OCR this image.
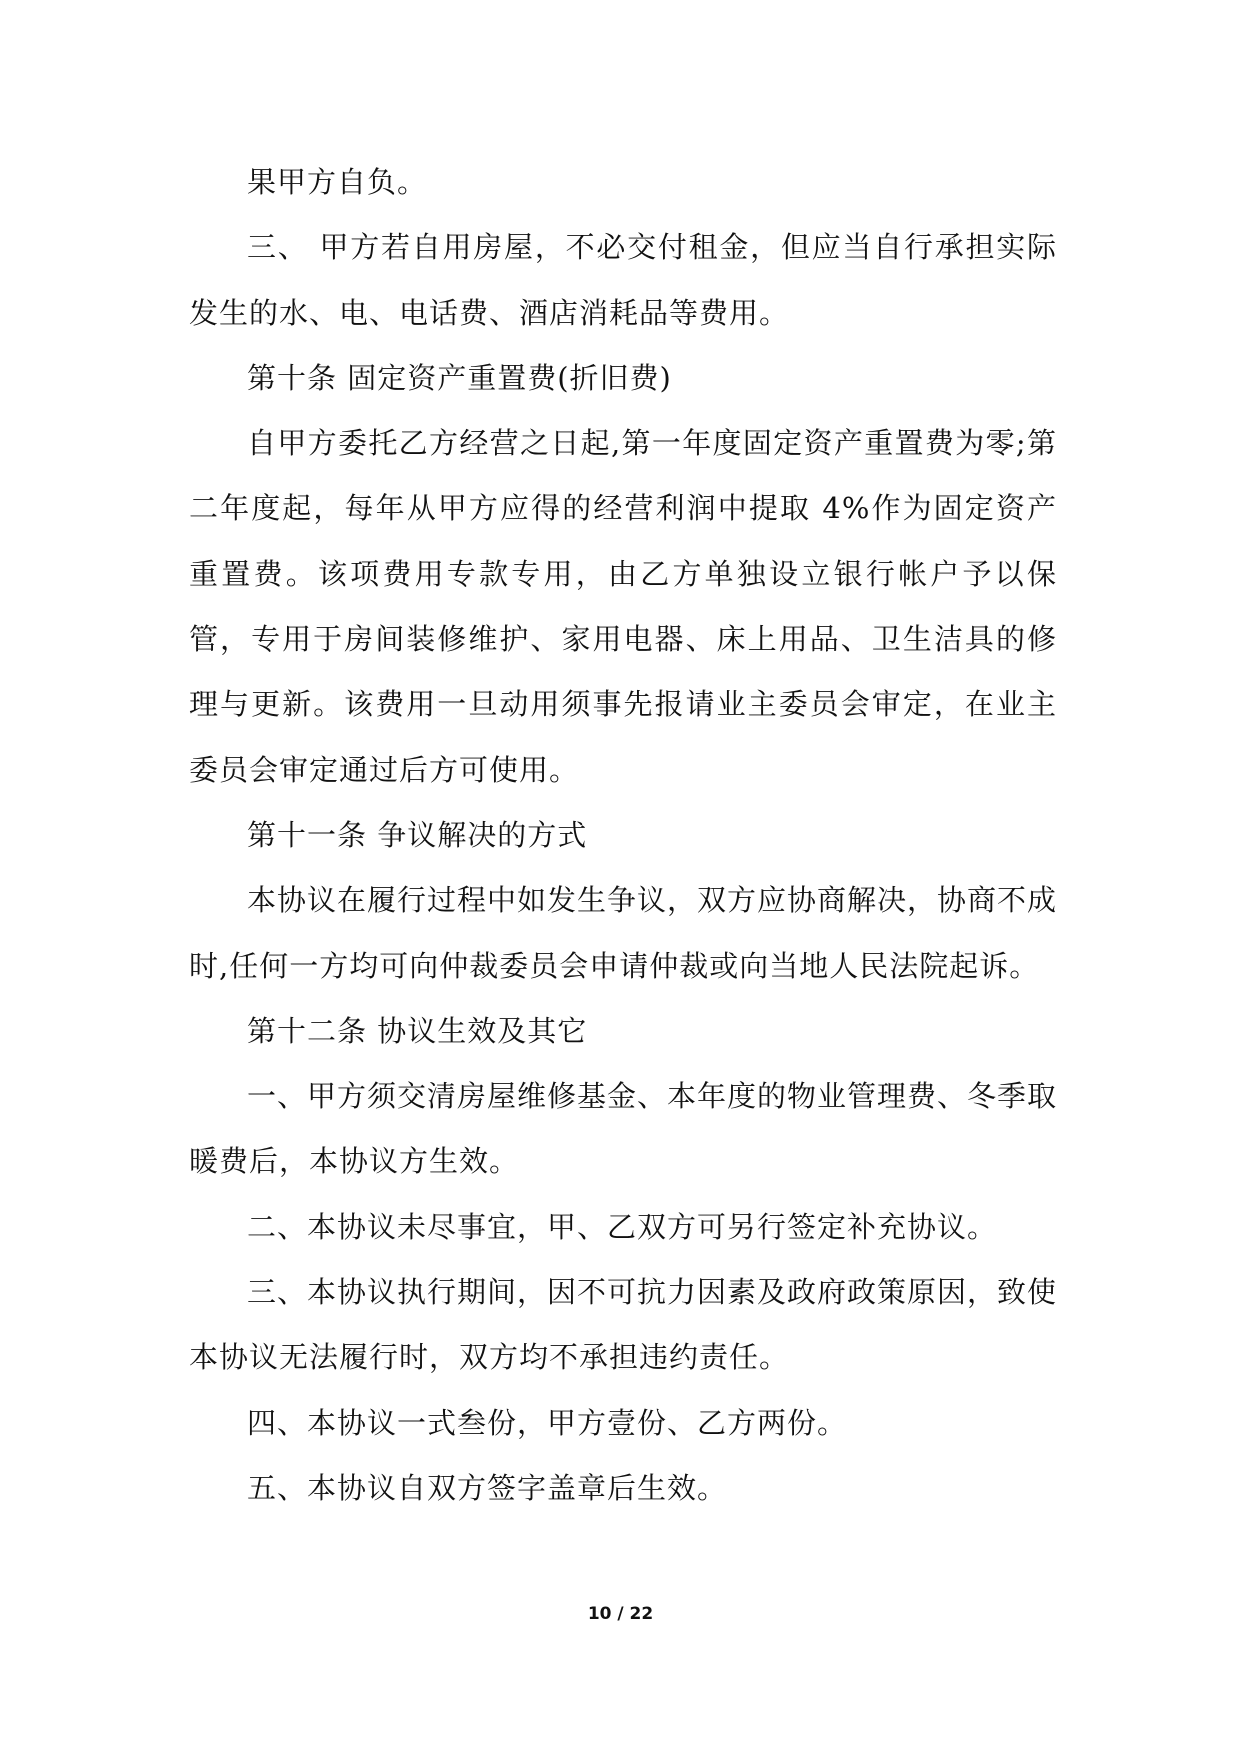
果甲方自负。

三、 甲方若自用房屋，不必交付租金，但应当自行承担实际发生的水、电、电话费、酒店消耗品等费用。

第十条 固定资产重置费(折旧费)

自甲方委托乙方经营之日起,第一年度固定资产重置费为零;第二年度起，每年从甲方应得的经营利润中提取 4%作为固定资产重置费。该项费用专款专用，由乙方单独设立银行帐户予以保管，专用于房间装修维护、家用电器、床上用品、卫生洁具的修理与更新。该费用一旦动用须事先报请业主委员会审定，在业主委员会审定通过后方可使用。

第十一条 争议解决的方式

本协议在履行过程中如发生争议，双方应协商解决，协商不成时,任何一方均可向仲裁委员会申请仲裁或向当地人民法院起诉。

第十二条 协议生效及其它

一、甲方须交清房屋维修基金、本年度的物业管理费、冬季取暖费后，本协议方生效。

二、本协议未尽事宜，甲、乙双方可另行签定补充协议。

三、本协议执行期间，因不可抗力因素及政府政策原因，致使本协议无法履行时，双方均不承担违约责任。

四、本协议一式叁份，甲方壹份、乙方两份。

五、本协议自双方签字盖章后生效。

10 / 22
